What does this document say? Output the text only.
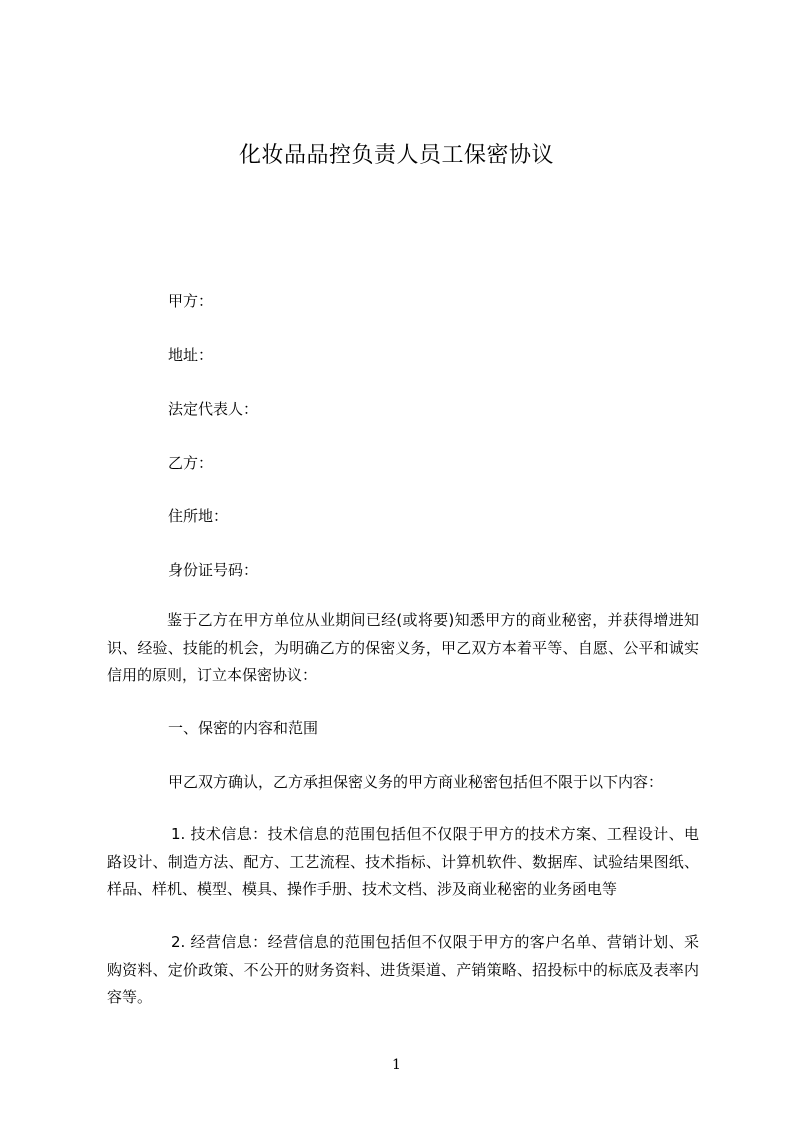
化妆品品控负责人员工保密协议
甲方：
地址：
法定代表人：
乙方：
住所地：
身份证号码：
鉴于乙方在甲方单位从业期间已经(或将要)知悉甲方的商业秘密，并获得增进知识、经验、技能的机会，为明确乙方的保密义务，甲乙双方本着平等、自愿、公平和诚实信用的原则，订立本保密协议：
一、保密的内容和范围
甲乙双方确认，乙方承担保密义务的甲方商业秘密包括但不限于以下内容：
1. 技术信息：技术信息的范围包括但不仅限于甲方的技术方案、工程设计、电路设计、制造方法、配方、工艺流程、技术指标、计算机软件、数据库、试验结果图纸、样品、样机、模型、模具、操作手册、技术文档、涉及商业秘密的业务函电等
2. 经营信息：经营信息的范围包括但不仅限于甲方的客户名单、营销计划、采购资料、定价政策、不公开的财务资料、进货渠道、产销策略、招投标中的标底及表率内容等。
1
